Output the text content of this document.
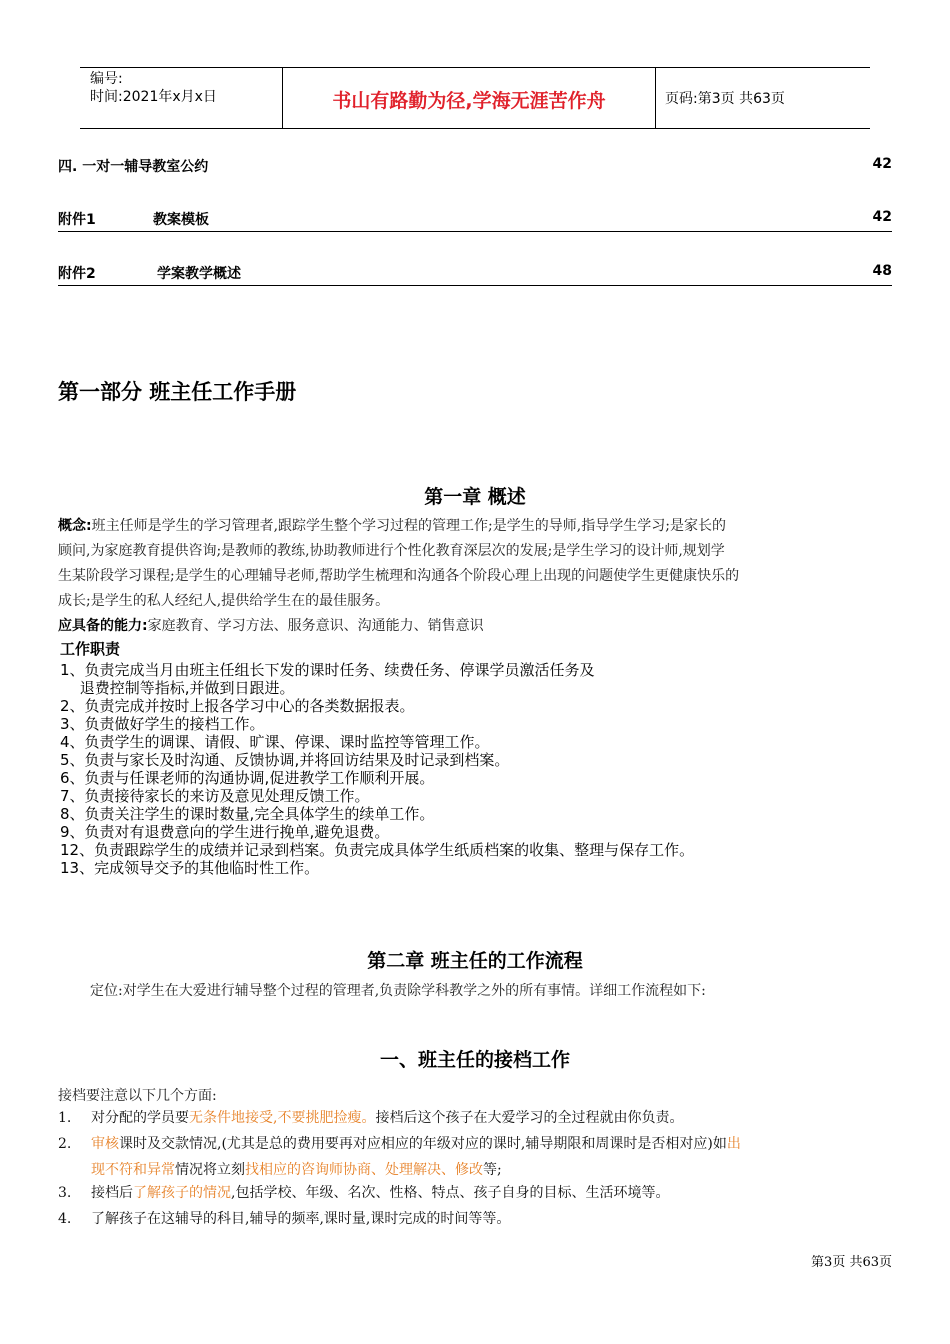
编号:
时间:2021年x月x日	书山有路勤为径,学海无涯苦作舟	页码:第3页 共63页
四. 一对一辅导教室公约	42
附件1	教案模板	42
附件2	学案教学概述	48
第一部分 班主任工作手册
第一章 概述
概念:班主任师是学生的学习管理者,跟踪学生整个学习过程的管理工作;是学生的导师,指导学生学习;是家长的
顾问,为家庭教育提供咨询;是教师的教练,协助教师进行个性化教育深层次的发展;是学生学习的设计师,规划学
生某阶段学习课程;是学生的心理辅导老师,帮助学生梳理和沟通各个阶段心理上出现的问题使学生更健康快乐的
成长;是学生的私人经纪人,提供给学生在的最佳服务。
应具备的能力:家庭教育、学习方法、服务意识、沟通能力、销售意识
工作职责
1、负责完成当月由班主任组长下发的课时任务、续费任务、停课学员激活任务及
　 退费控制等指标,并做到日跟进。
2、负责完成并按时上报各学习中心的各类数据报表。
3、负责做好学生的接档工作。
4、负责学生的调课、请假、旷课、停课、课时监控等管理工作。
5、负责与家长及时沟通、反馈协调,并将回访结果及时记录到档案。
6、负责与任课老师的沟通协调,促进教学工作顺利开展。
7、负责接待家长的来访及意见处理反馈工作。
8、负责关注学生的课时数量,完全具体学生的续单工作。
9、负责对有退费意向的学生进行挽单,避免退费。
12、负责跟踪学生的成绩并记录到档案。负责完成具体学生纸质档案的收集、整理与保存工作。
13、完成领导交予的其他临时性工作。
第二章 班主任的工作流程
定位:对学生在大爱进行辅导整个过程的管理者,负责除学科教学之外的所有事情。详细工作流程如下:
一、班主任的接档工作
接档要注意以下几个方面:
1. 对分配的学员要无条件地接受,不要挑肥捡瘦。接档后这个孩子在大爱学习的全过程就由你负责。
2. 审核课时及交款情况,(尤其是总的费用要再对应相应的年级对应的课时,辅导期限和周课时是否相对应)如出
现不符和异常情况将立刻找相应的咨询师协商、处理解决、修改等;
3. 接档后了解孩子的情况,包括学校、年级、名次、性格、特点、孩子自身的目标、生活环境等。
4. 了解孩子在这辅导的科目,辅导的频率,课时量,课时完成的时间等等。
第3页 共63页
